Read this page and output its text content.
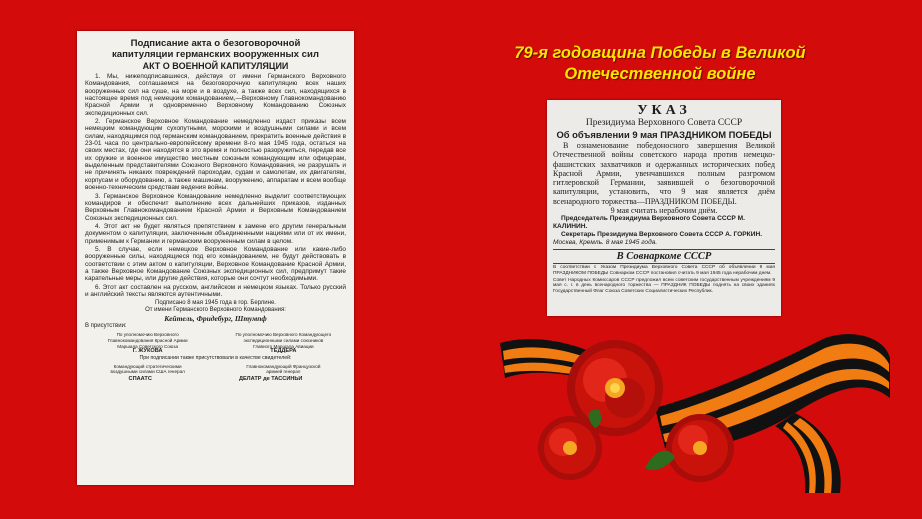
Подписание акта о безоговорочной
капитуляции германских вооруженных сил
АКТ О ВОЕННОЙ КАПИТУЛЯЦИИ

1. Мы, нижеподписавшиеся, действуя от имени Германского Верховного Командования, соглашаемся на безоговорочную капитуляцию всех наших вооруженных сил на суше, на море и в воздухе, а также всех сил, находящихся в настоящее время под немецким командованием,—Верховному Главнокомандованию Красной Армии и одновременно Верховному Командованию Союзных экспедиционных сил.

2. Германское Верховное Командование немедленно издаст приказы всем немецким командующим сухопутными, морскими и воздушными силами и всем силам, находящимся под германским командованием, прекратить военные действия в 23-01 часа по центрально-европейскому времени 8-го мая 1945 года, остаться на своих местах, где они находятся в это время и полностью разоружиться, передав все их оружие и военное имущество местным союзным командующим или офицерам, выделенным представителями Союзного Верховного Командования, не разрушать и не причинять никаких повреждений пароходам, судам и самолетам, их двигателям, корпусам и оборудованию, а также машинам, вооружению, аппаратам и всем вообще военно-техническим средствам ведения войны.

3. Германское Верховное Командование немедленно выделит соответствующих командиров и обеспечит выполнение всех дальнейших приказов, изданных Верховным Главнокомандованием Красной Армии и Верховным Командованием Союзных экспедиционных сил.

4. Этот акт не будет являться препятствием к замене его другим генеральным документом о капитуляции, заключенным объединенными нациями или от их имени, применимым к Германии и германским вооруженным силам в целом.

5. В случае, если немецкое Верховное Командование или какие-либо вооруженные силы, находящиеся под его командованием, не будут действовать в соответствии с этим актом о капитуляции, Верховное Командование Красной Армии, а также Верховное Командование Союзных экспедиционных сил, предпримут такие карательные меры, или другие действия, которые они сочтут необходимыми.

6. Этот акт составлен на русском, английском и немецком языках. Только русский и английский тексты являются аутентичными.

Подписано 8 мая 1945 года в гор. Берлине.
От имени Германского Верховного Командования:
Кейтель, Фридебург, Штумпф
В присутствии:
По уполномочию Верховного
Главнокомандования Красной Армии
Маршала Советского Союза
Г. ЖУКОВА
По уполномочию Верховного Командующего
экспедиционными силами союзников
Главного Маршала Авиации
ТЕДДЕРА
При подписании также присутствовали в качестве свидетелей:
Командующий стратегическими
воздушными силами США генерал
Главнокомандующий Французской
армией генерал
СПААТС	ДЕЛАТР де ТАССИНЬИ
79-я годовщина Победы в Великой
Отечественной войне
УКАЗ
Президиума Верховного Совета СССР
Об объявлении 9 мая ПРАЗДНИКОМ ПОБЕДЫ

В ознаменование победоносного завершения Великой Отечественной войны советского народа против немецко-фашистских захватчиков и одержанных исторических побед Красной Армии, увенчавшихся полным разгромом гитлеровской Германии, заявившей о безоговорочной капитуляции, установить, что 9 мая является днём всенародного торжества—ПРАЗДНИКОМ ПОБЕДЫ.

9 мая считать нерабочим днём.
Председатель Президиума Верховного Совета СССР М. КАЛИНИН.
Секретарь Президиума Верховного Совета СССР А. ГОРКИН.
Москва, Кремль. 8 мая 1945 года.
В Совнаркоме СССР
В соответствии с Указом Президиума Верховного Совета СССР об объявлении 9 мая ПРАЗДНИКОМ ПОБЕДЫ Совнарком СССР постановил считать 9 мая 1945 года нерабочим днем.
Совет Народных Комиссаров СССР предложил всем советским государственным учреждениям 9 мая с. г. в день всенародного торжества — ПРАЗДНИК ПОБЕДЫ поднять на своих зданиях Государственный Флаг Союза Советских Социалистических Республик.
